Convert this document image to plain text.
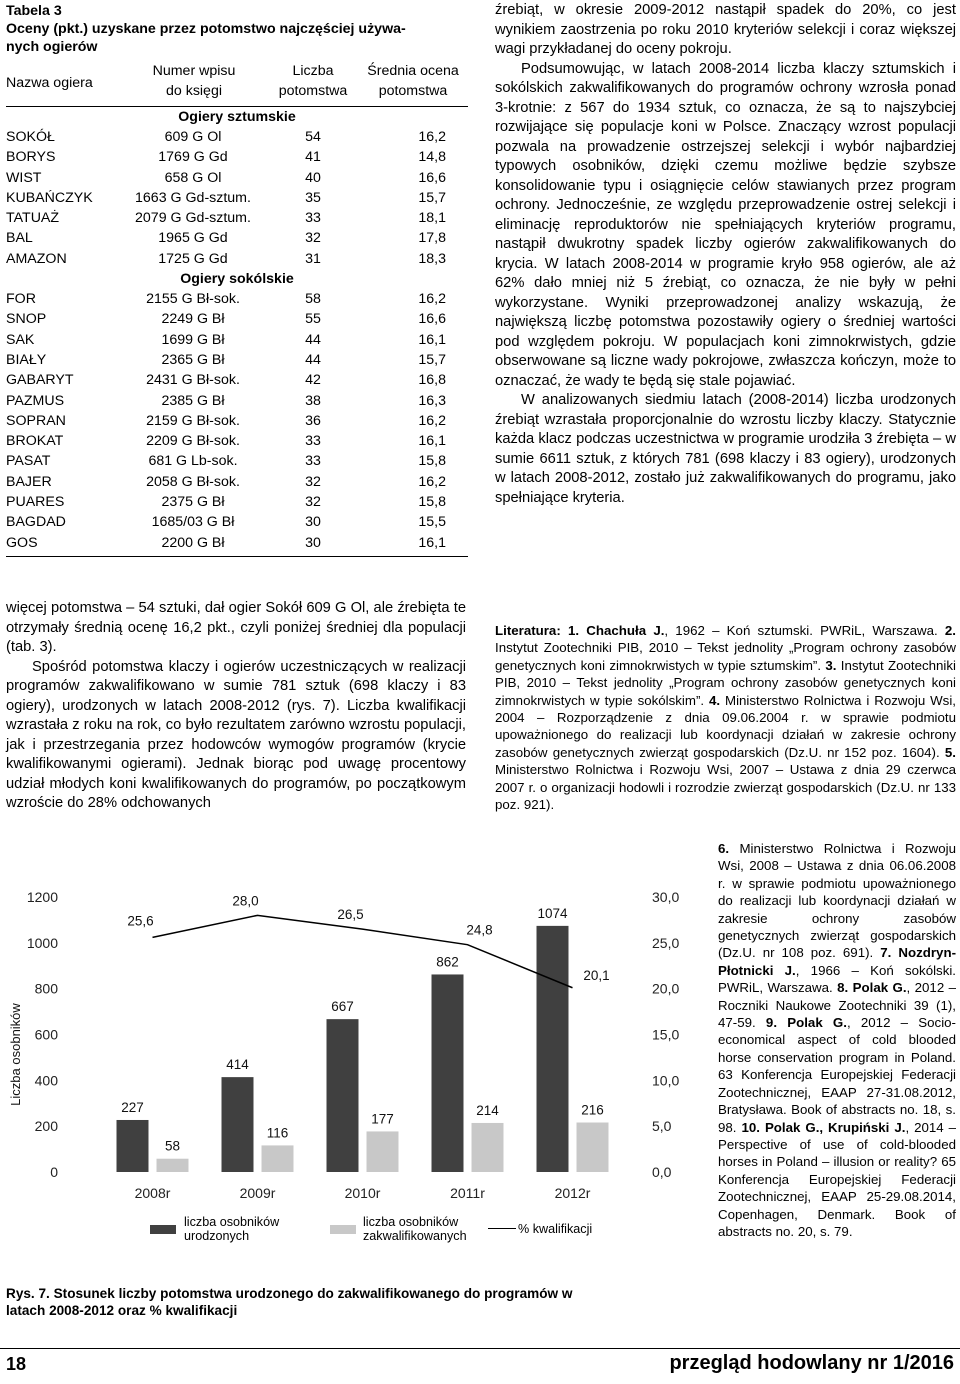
Tabela 3
Oceny (pkt.) uzyskane przez potomstwo najczęściej używa-
nych ogierów
Nazwa ogiera
Numer wpisu
do księgi
Liczba
potomstwa
Średnia ocena
potomstwa
Ogiery sztumskie
SOKÓŁ	609 G Ol	54	16,2
BORYS	1769 G Gd	41	14,8
WIST	658 G Ol	40	16,6
KUBAŃCZYK	1663 G Gd-sztum.	35	15,7
TATUAŻ	2079 G Gd-sztum.	33	18,1
BAL	1965 G Gd	32	17,8
AMAZON	1725 G Gd	31	18,3
Ogiery sokólskie
FOR	2155 G Bł-sok.	58	16,2
SNOP	2249 G Bł	55	16,6
SAK	1699 G Bł	44	16,1
BIAŁY	2365 G Bł	44	15,7
GABARYT	2431 G Bł-sok.	42	16,8
PAZMUS	2385 G Bł	38	16,3
SOPRAN	2159 G Bł-sok.	36	16,2
BROKAT	2209 G Bł-sok.	33	16,1
PASAT	681 G Lb-sok.	33	15,8
BAJER	2058 G Bł-sok.	32	16,2
PUARES	2375 G Bł	32	15,8
BAGDAD	1685/03 G Bł	30	15,5
GOS	2200 G Bł	30	16,1

więcej potomstwa – 54 sztuki, dał ogier Sokół 609 G Ol, ale źrebięta te otrzymały średnią ocenę 16,2 pkt., czyli poniżej średniej dla populacji (tab. 3).

Spośród potomstwa klaczy i ogierów uczestniczących w realizacji programów zakwalifikowano w sumie 781 sztuk (698 klaczy i 83 ogiery), urodzonych w latach 2008-2012 (rys. 7). Liczba kwalifikacji wzrastała z roku na rok, co było rezultatem zarówno wzrostu populacji, jak i przestrzegania przez hodowców wymogów programów (krycie kwalifikowanymi ogierami). Jednak biorąc pod uwagę procentowy udział młodych koni kwalifikowanych do programów, po początkowym wzroście do 28% odchowanych

źrebiąt, w okresie 2009-2012 nastąpił spadek do 20%, co jest wynikiem zaostrzenia po roku 2010 kryteriów selekcji i coraz większej wagi przykładanej do oceny pokroju.

Podsumowując, w latach 2008-2014 liczba klaczy sztumskich i sokólskich zakwalifikowanych do programów ochrony wzrosła ponad 3-krotnie: z 567 do 1934 sztuk, co oznacza, że są to najszybciej rozwijające się populacje koni w Polsce. Znaczący wzrost populacji pozwala na prowadzenie ostrzejszej selekcji i wybór najbardziej typowych osobników, dzięki czemu możliwe będzie szybsze konsolidowanie typu i osiągnięcie celów stawianych przez program ochrony. Jednocześnie, ze względu przeprowadzenie ostrej selekcji i eliminację reproduktorów nie spełniających kryteriów programu, nastąpił dwukrotny spadek liczby ogierów zakwalifikowanych do krycia. W latach 2008-2014 w programie kryło 958 ogierów, ale aż 62% dało mniej niż 5 źrebiąt, co oznacza, że nie były w pełni wykorzystane. Wyniki przeprowadzonej analizy wskazują, że największą liczbę potomstwa pozostawiły ogiery o średniej wartości pod względem pokroju. W populacjach koni zimnokrwistych, gdzie obserwowane są liczne wady pokrojowe, zwłaszcza kończyn, może to oznaczać, że wady te będą się stale pojawiać.

W analizowanych siedmiu latach (2008-2014) liczba urodzonych źrebiąt wzrastała proporcjonalnie do wzrostu liczby klaczy. Statycznie każda klacz podczas uczestnictwa w programie urodziła 3 źrebięta – w sumie 6611 sztuk, z których 781 (698 klaczy i 83 ogiery), urodzonych w latach 2008-2012, zostało już zakwalifikowanych do programu, jako spełniające kryteria.

Literatura: 1. Chachuła J., 1962 – Koń sztumski. PWRiL, Warszawa. 2. Instytut Zootechniki PIB, 2010 – Tekst jednolity „Program ochrony zasobów genetycznych koni zimnokrwistych w typie sztumskim”. 3. Instytut Zootechniki PIB, 2010 – Tekst jednolity „Program ochrony zasobów genetycznych koni zimnokrwistych w typie sokólskim”. 4. Ministerstwo Rolnictwa i Rozwoju Wsi, 2004 – Rozporządzenie z dnia 09.06.2004 r. w sprawie podmiotu upoważnionego do realizacji lub koordynacji działań w zakresie ochrony zasobów genetycznych zwierząt gospodarskich (Dz.U. nr 152 poz. 1604). 5. Ministerstwo Rolnictwa i Rozwoju Wsi, 2007 – Ustawa z dnia 29 czerwca 2007 r. o organizacji hodowli i rozrodzie zwierząt gospodarskich (Dz.U. nr 133 poz. 921).
6. Ministerstwo Rolnictwa i Rozwoju Wsi, 2008 – Ustawa z dnia 06.06.2008 r. w sprawie podmiotu upoważnionego do realizacji lub koordynacji działań w zakresie ochrony zasobów genetycznych zwierząt gospodarskich (Dz.U. nr 108 poz. 691). 7. Nozdryn-Płotnicki J., 1966 – Koń sokólski. PWRiL, Warszawa. 8. Polak G., 2012 – Roczniki Naukowe Zootechniki 39 (1), 47-59. 9. Polak G., 2012 – Socio-economical aspect of cold blooded horse conservation program in Poland. 63 Konferencja Europejskiej Federacji Zootechnicznej, EAAP 27-31.08.2012, Bratysława. Book of abstracts no. 18, s. 98. 10. Polak G., Krupiński J., 2014 – Perspective of use of cold-blooded horses in Poland – illusion or reality? 65 Konferencja Europejskiej Federacji Zootechnicznej, EAAP 25-29.08.2014, Copenhagen, Denmark. Book of abstracts no. 20, s. 79.
0
200
400
600
800
1000
1200
0,0
5,0
10,0
15,0
20,0
25,0
30,0
Liczba osobników
227
58
2008r
414
116
2009r
667
177
2010r
862
214
2011r
1074
216
2012r
25,6
28,0
26,5
24,8
20,1
liczba osobników
urodzonych
liczba osobników
zakwalifikowanych	% kwalifikacji
Rys. 7. Stosunek liczby potomstwa urodzonego do zakwalifikowanego do programów w
latach 2008-2012 oraz % kwalifikacji
18	przegląd hodowlany nr 1/2016
